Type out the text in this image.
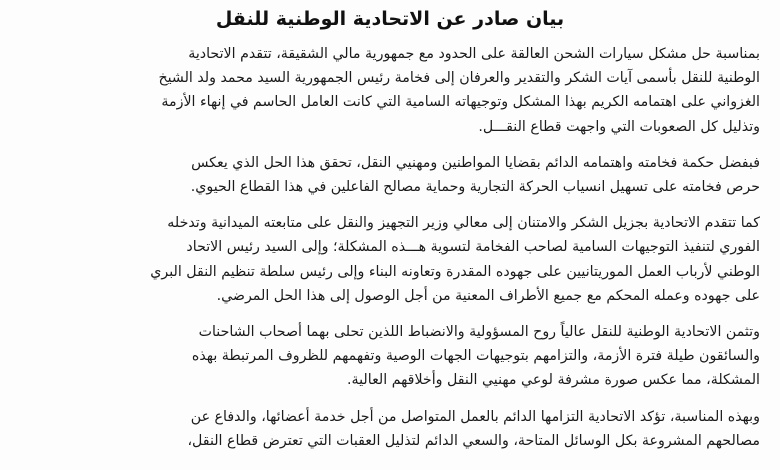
بيان صادر عن الاتحادية الوطنية للنقل

بمناسبة حل مشكل سيارات الشحن العالقة على الحدود مع جمهورية مالي الشقيقة، تتقدم الاتحادية
الوطنية للنقل بأسمى آيات الشكر والتقدير والعرفان إلى فخامة رئيس الجمهورية السيد محمد ولد الشيخ
الغزواني على اهتمامه الكريم بهذا المشكل وتوجيهاته السامية التي كانت العامل الحاسم في إنهاء الأزمة
وتذليل كل الصعوبات التي واجهت قطاع النقـــل.

فبفضل حكمة فخامته واهتمامه الدائم بقضايا المواطنين ومهنيي النقل، تحقق هذا الحل الذي يعكس
حرص فخامته على تسهيل انسياب الحركة التجارية وحماية مصالح الفاعلين في هذا القطاع الحيوي.

كما تتقدم الاتحادية بجزيل الشكر والامتنان إلى معالي وزير التجهيز والنقل على متابعته الميدانية وتدخله
الفوري لتنفيذ التوجيهات السامية لصاحب الفخامة لتسوية هـــذه المشكلة؛ وإلى السيد رئيس الاتحاد
الوطني لأرباب العمل الموريتانيين على جهوده المقدرة وتعاونه البناء وإلى رئيس سلطة تنظيم النقل البري
على جهوده وعمله المحكم مع جميع الأطراف المعنية من أجل الوصول إلى هذا الحل المرضي.

وتثمن الاتحادية الوطنية للنقل عالياً روح المسؤولية والانضباط اللذين تحلى بهما أصحاب الشاحنات
والسائقون طيلة فترة الأزمة، والتزامهم بتوجيهات الجهات الوصية وتفهمهم للظروف المرتبطة بهذه
المشكلة، مما عكس صورة مشرفة لوعي مهنيي النقل وأخلاقهم العالية.

وبهذه المناسبة، تؤكد الاتحادية التزامها الدائم بالعمل المتواصل من أجل خدمة أعضائها، والدفاع عن
مصالحهم المشروعة بكل الوسائل المتاحة، والسعي الدائم لتذليل العقبات التي تعترض قطاع النقل،
